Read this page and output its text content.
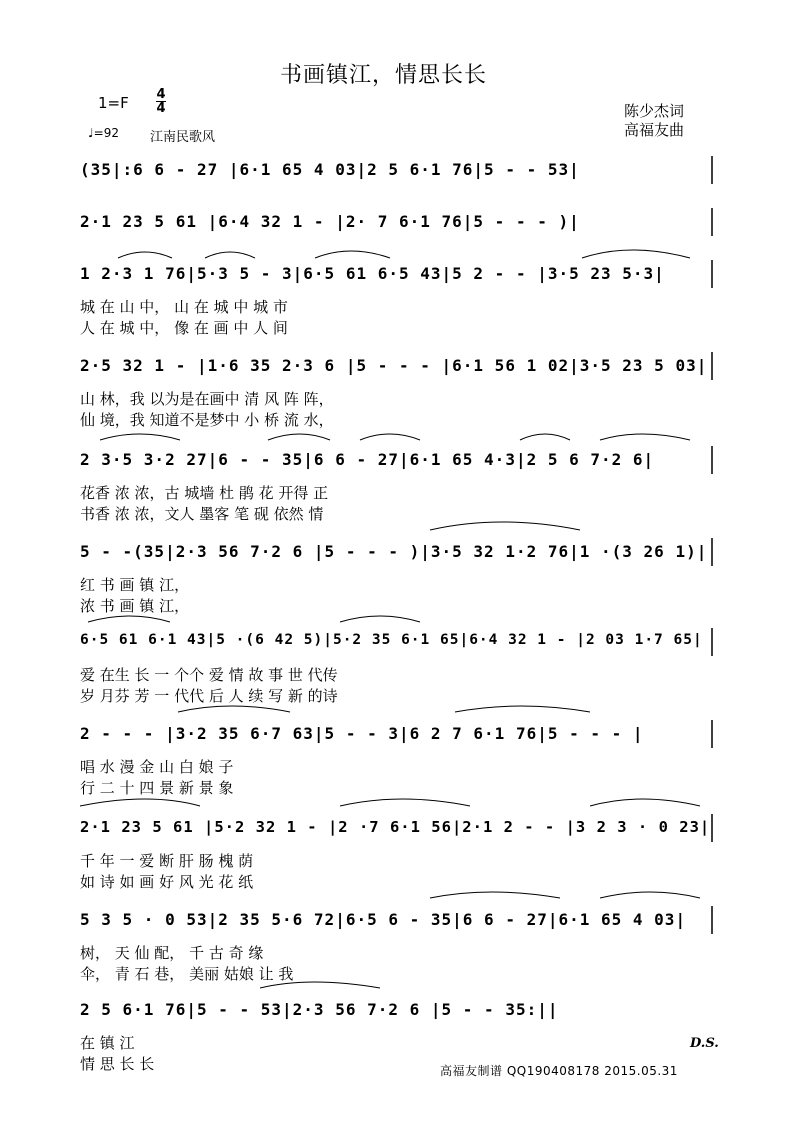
书画镇江，情思长长
1=F 4
4
♩=92 江南民歌风
陈少杰词
高福友曲
(35|:6 6 - 27 |6·1 65 4 03|2 5 6·1 76|5 - - 53|
2·1 23 5 61 |6·4 32 1 - |2· 7 6·1 76|5 - - - )|
1 2·3 1 76|5·3 5 - 3|6·5 61 6·5 43|5 2 - - |3·5 23 5·3|
城 在 山 中， 山 在 城 中 城 市
人 在 城 中， 像 在 画 中 人 间
2·5 32 1 - |1·6 35 2·3 6 |5 - - - |6·1 56 1 02|3·5 23 5 03|
山 林，我 以为是在画中 清 风 阵 阵，
仙 境，我 知道不是梦中 小 桥 流 水，
2 3·5 3·2 27|6 - - 35|6 6 - 27|6·1 65 4·3|2 5 6 7·2 6|
花香 浓 浓，古 城墙 杜 鹃 花 开得 正
书香 浓 浓，文人 墨客 笔 砚 依然 情
5 - -(35|2·3 56 7·2 6 |5 - - - )|3·5 32 1·2 76|1 ·(3 26 1)|
红 书 画 镇 江，
浓 书 画 镇 江，
6·5 61 6·1 43|5 ·(6 42 5)|5·2 35 6·1 65|6·4 32 1 - |2 03 1·7 65|
爱 在生 长 一 个个 爱 情 故 事 世 代传
岁 月芬 芳 一 代代 后 人 续 写 新 的诗
2 - - - |3·2 35 6·7 63|5 - - 3|6 2 7 6·1 76|5 - - - |
唱 水 漫 金 山 白 娘 子
行 二 十 四 景 新 景 象
2·1 23 5 61 |5·2 32 1 - |2 ·7 6·1 56|2·1 2 - - |3 2 3 · 0 23|
千 年 一 爱 断 肝 肠 槐 荫
如 诗 如 画 好 风 光 花 纸
5 3 5 · 0 53|2 35 5·6 72|6·5 6 - 35|6 6 - 27|6·1 65 4 03|
树， 天 仙 配， 千 古 奇 缘
伞， 青 石 巷， 美丽 姑娘 让 我
2 5 6·1 76|5 - - 53|2·3 56 7·2 6 |5 - - 35:||
在 镇 江
情 思 长 长
D.S.
高福友制谱 QQ190408178 2015.05.31
